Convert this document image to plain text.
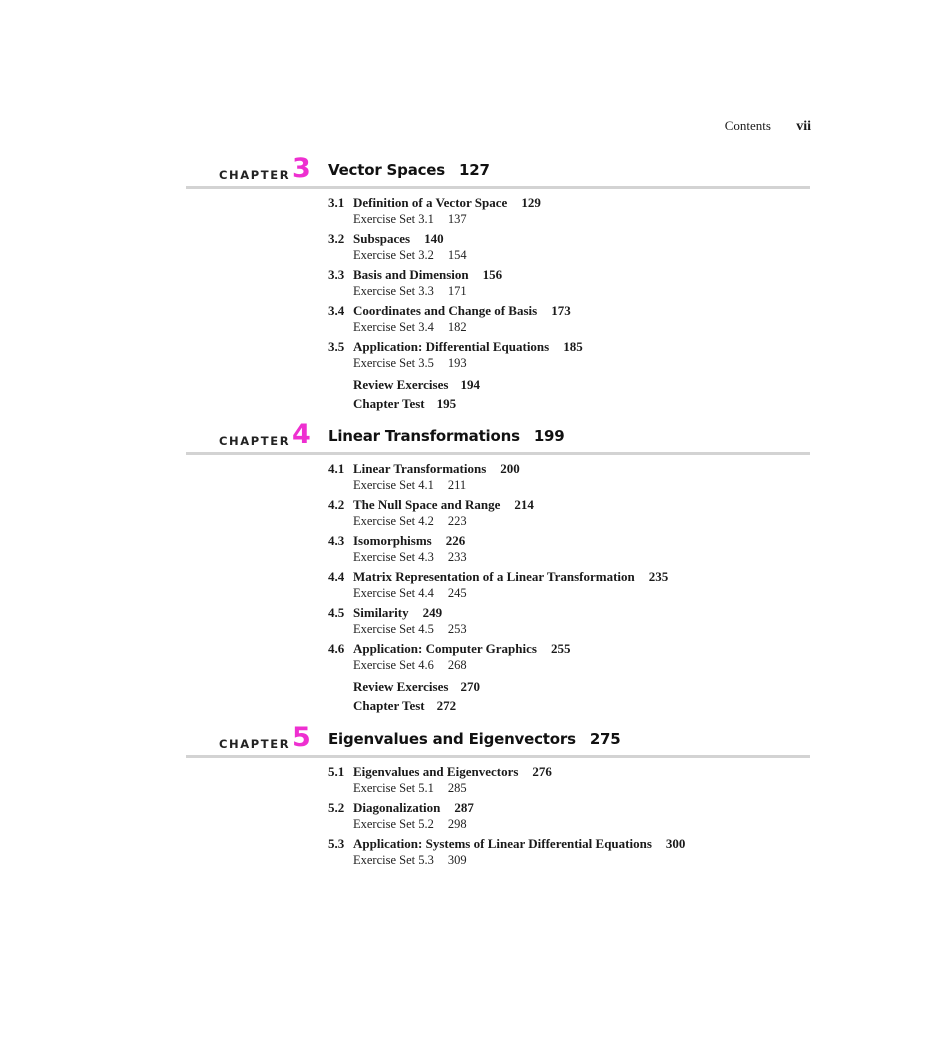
Contents vii
CHAPTER 3 Vector Spaces 127
3.1 Definition of a Vector Space 129
Exercise Set 3.1 137
3.2 Subspaces 140
Exercise Set 3.2 154
3.3 Basis and Dimension 156
Exercise Set 3.3 171
3.4 Coordinates and Change of Basis 173
Exercise Set 3.4 182
3.5 Application: Differential Equations 185
Exercise Set 3.5 193
Review Exercises 194
Chapter Test 195
CHAPTER 4 Linear Transformations 199
4.1 Linear Transformations 200
Exercise Set 4.1 211
4.2 The Null Space and Range 214
Exercise Set 4.2 223
4.3 Isomorphisms 226
Exercise Set 4.3 233
4.4 Matrix Representation of a Linear Transformation 235
Exercise Set 4.4 245
4.5 Similarity 249
Exercise Set 4.5 253
4.6 Application: Computer Graphics 255
Exercise Set 4.6 268
Review Exercises 270
Chapter Test 272
CHAPTER 5 Eigenvalues and Eigenvectors 275
5.1 Eigenvalues and Eigenvectors 276
Exercise Set 5.1 285
5.2 Diagonalization 287
Exercise Set 5.2 298
5.3 Application: Systems of Linear Differential Equations 300
Exercise Set 5.3 309
